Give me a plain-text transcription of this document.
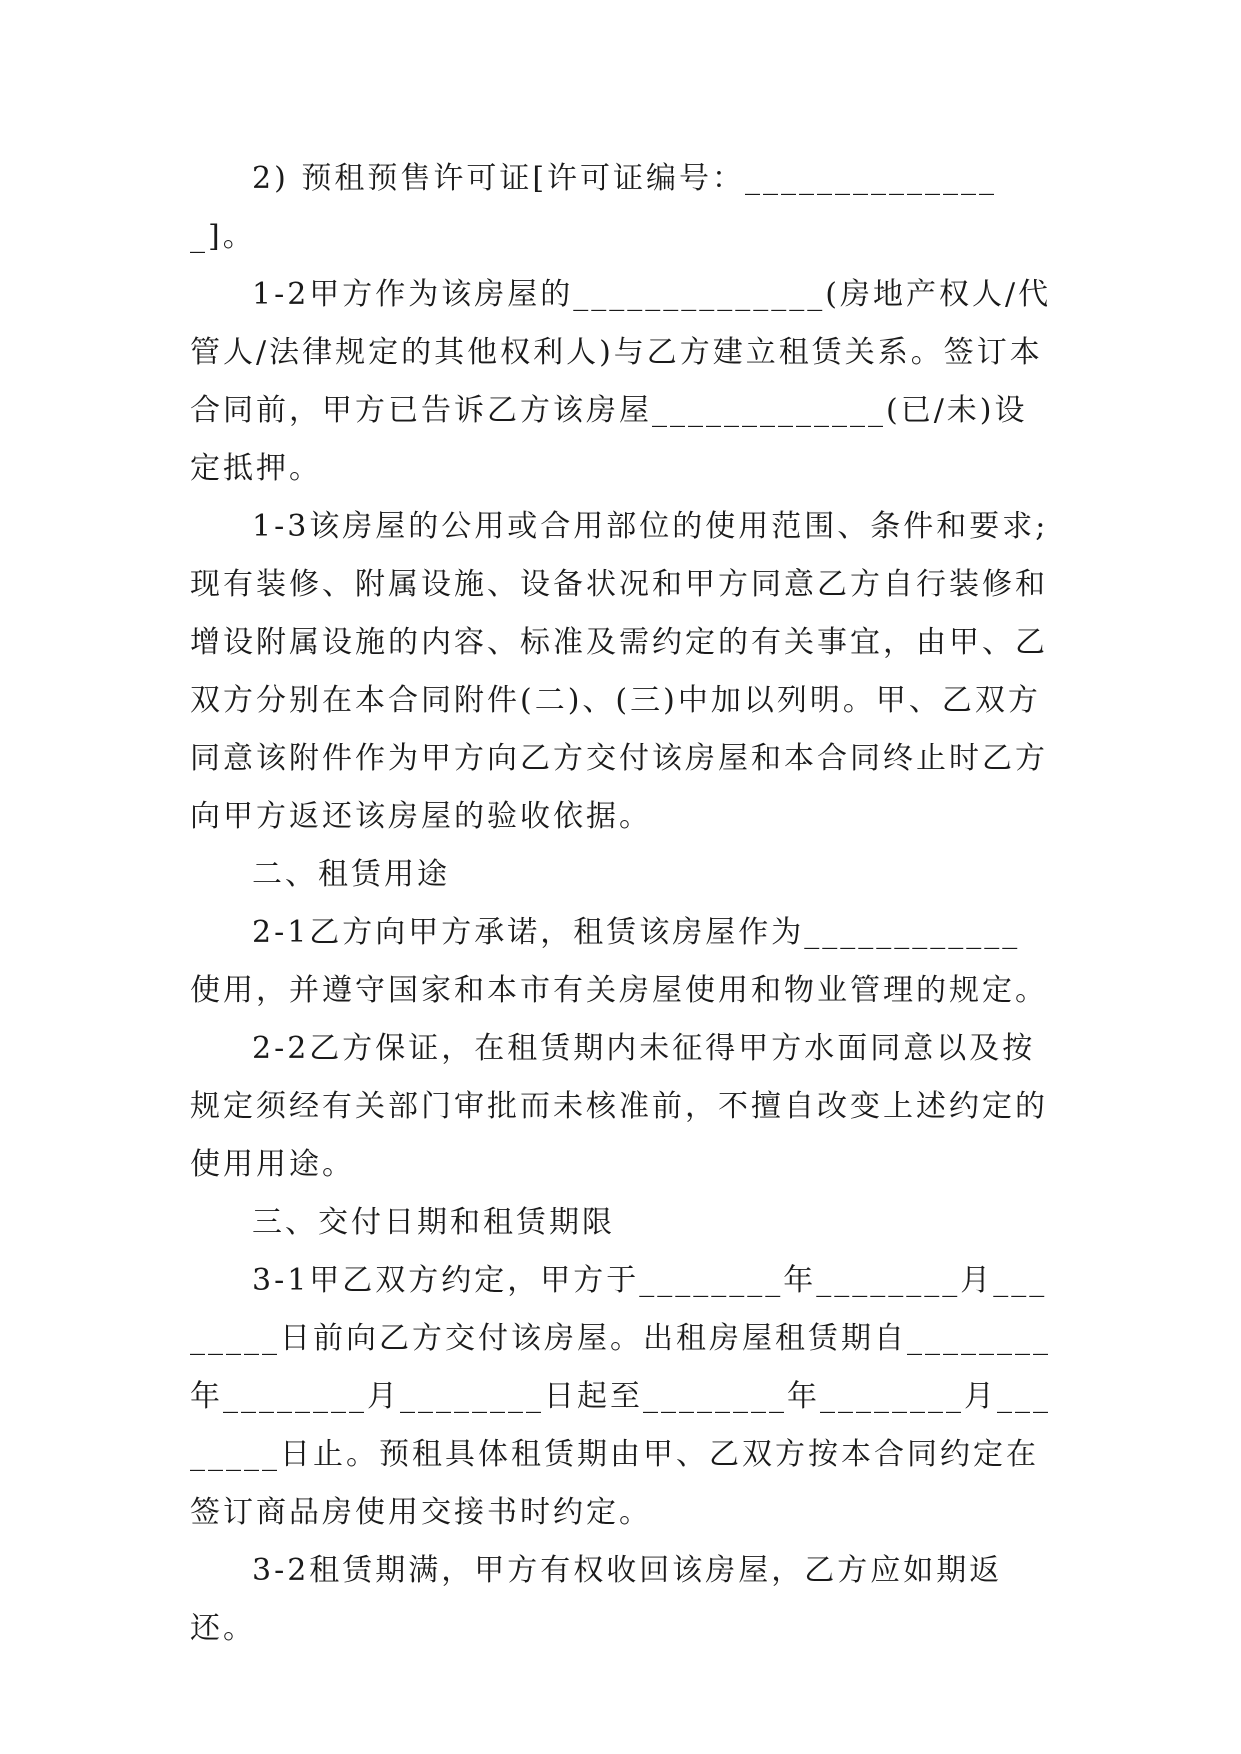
2) 预租预售许可证[许可证编号：_______________]。

1-2甲方作为该房屋的______________(房地产权人/代管人/法律规定的其他权利人)与乙方建立租赁关系。签订本合同前，甲方已告诉乙方该房屋_____________(已/未)设定抵押。

1-3该房屋的公用或合用部位的使用范围、条件和要求;现有装修、附属设施、设备状况和甲方同意乙方自行装修和增设附属设施的内容、标准及需约定的有关事宜，由甲、乙双方分别在本合同附件(二)、(三)中加以列明。甲、乙双方同意该附件作为甲方向乙方交付该房屋和本合同终止时乙方向甲方返还该房屋的验收依据。

二、租赁用途

2-1乙方向甲方承诺，租赁该房屋作为____________使用，并遵守国家和本市有关房屋使用和物业管理的规定。

2-2乙方保证，在租赁期内未征得甲方水面同意以及按规定须经有关部门审批而未核准前，不擅自改变上述约定的使用用途。

三、交付日期和租赁期限

3-1甲乙双方约定，甲方于________年________月________日前向乙方交付该房屋。出租房屋租赁期自________年________月________日起至________年________月________日止。预租具体租赁期由甲、乙双方按本合同约定在签订商品房使用交接书时约定。

3-2租赁期满，甲方有权收回该房屋，乙方应如期返还。
